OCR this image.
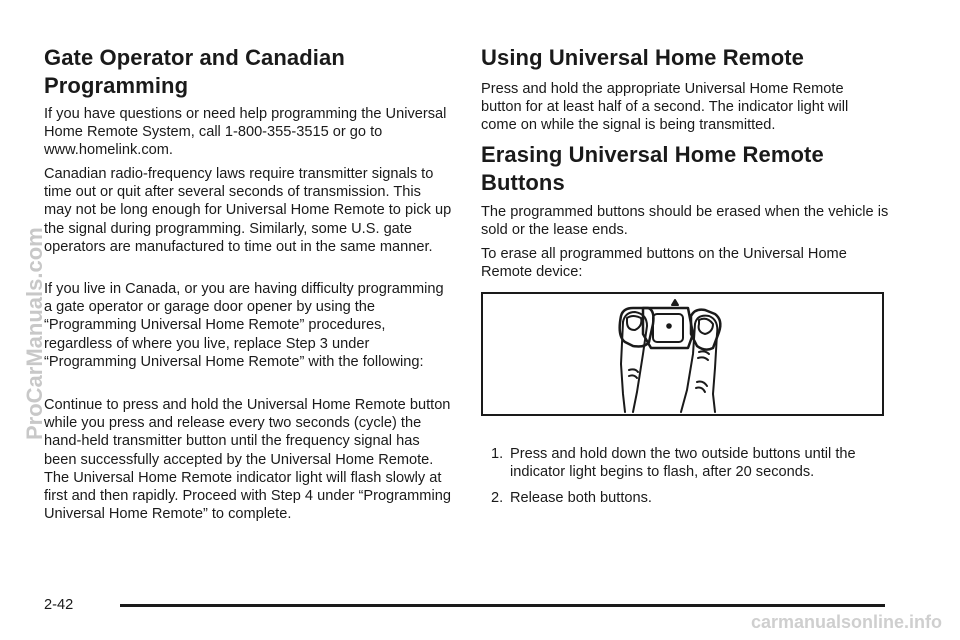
Gate Operator and Canadian Programming

If you have questions or need help programming the Universal Home Remote System, call 1-800-355-3515 or go to www.homelink.com.

Canadian radio-frequency laws require transmitter signals to time out or quit after several seconds of transmission. This may not be long enough for Universal Home Remote to pick up the signal during programming. Similarly, some U.S. gate operators are manufactured to time out in the same manner.

If you live in Canada, or you are having difficulty programming a gate operator or garage door opener by using the “Programming Universal Home Remote” procedures, regardless of where you live, replace Step 3 under “Programming Universal Home Remote” with the following:

Continue to press and hold the Universal Home Remote button while you press and release every two seconds (cycle) the hand-held transmitter button until the frequency signal has been successfully accepted by the Universal Home Remote. The Universal Home Remote indicator light will flash slowly at first and then rapidly. Proceed with Step 4 under “Programming Universal Home Remote” to complete.

Using Universal Home Remote

Press and hold the appropriate Universal Home Remote button for at least half of a second. The indicator light will come on while the signal is being transmitted.

Erasing Universal Home Remote Buttons

The programmed buttons should be erased when the vehicle is sold or the lease ends.

To erase all programmed buttons on the Universal Home Remote device:

1. Press and hold down the two outside buttons until the indicator light begins to flash, after 20 seconds.
2. Release both buttons.
ProCarManuals.com
2-42
carmanualsonline.info
